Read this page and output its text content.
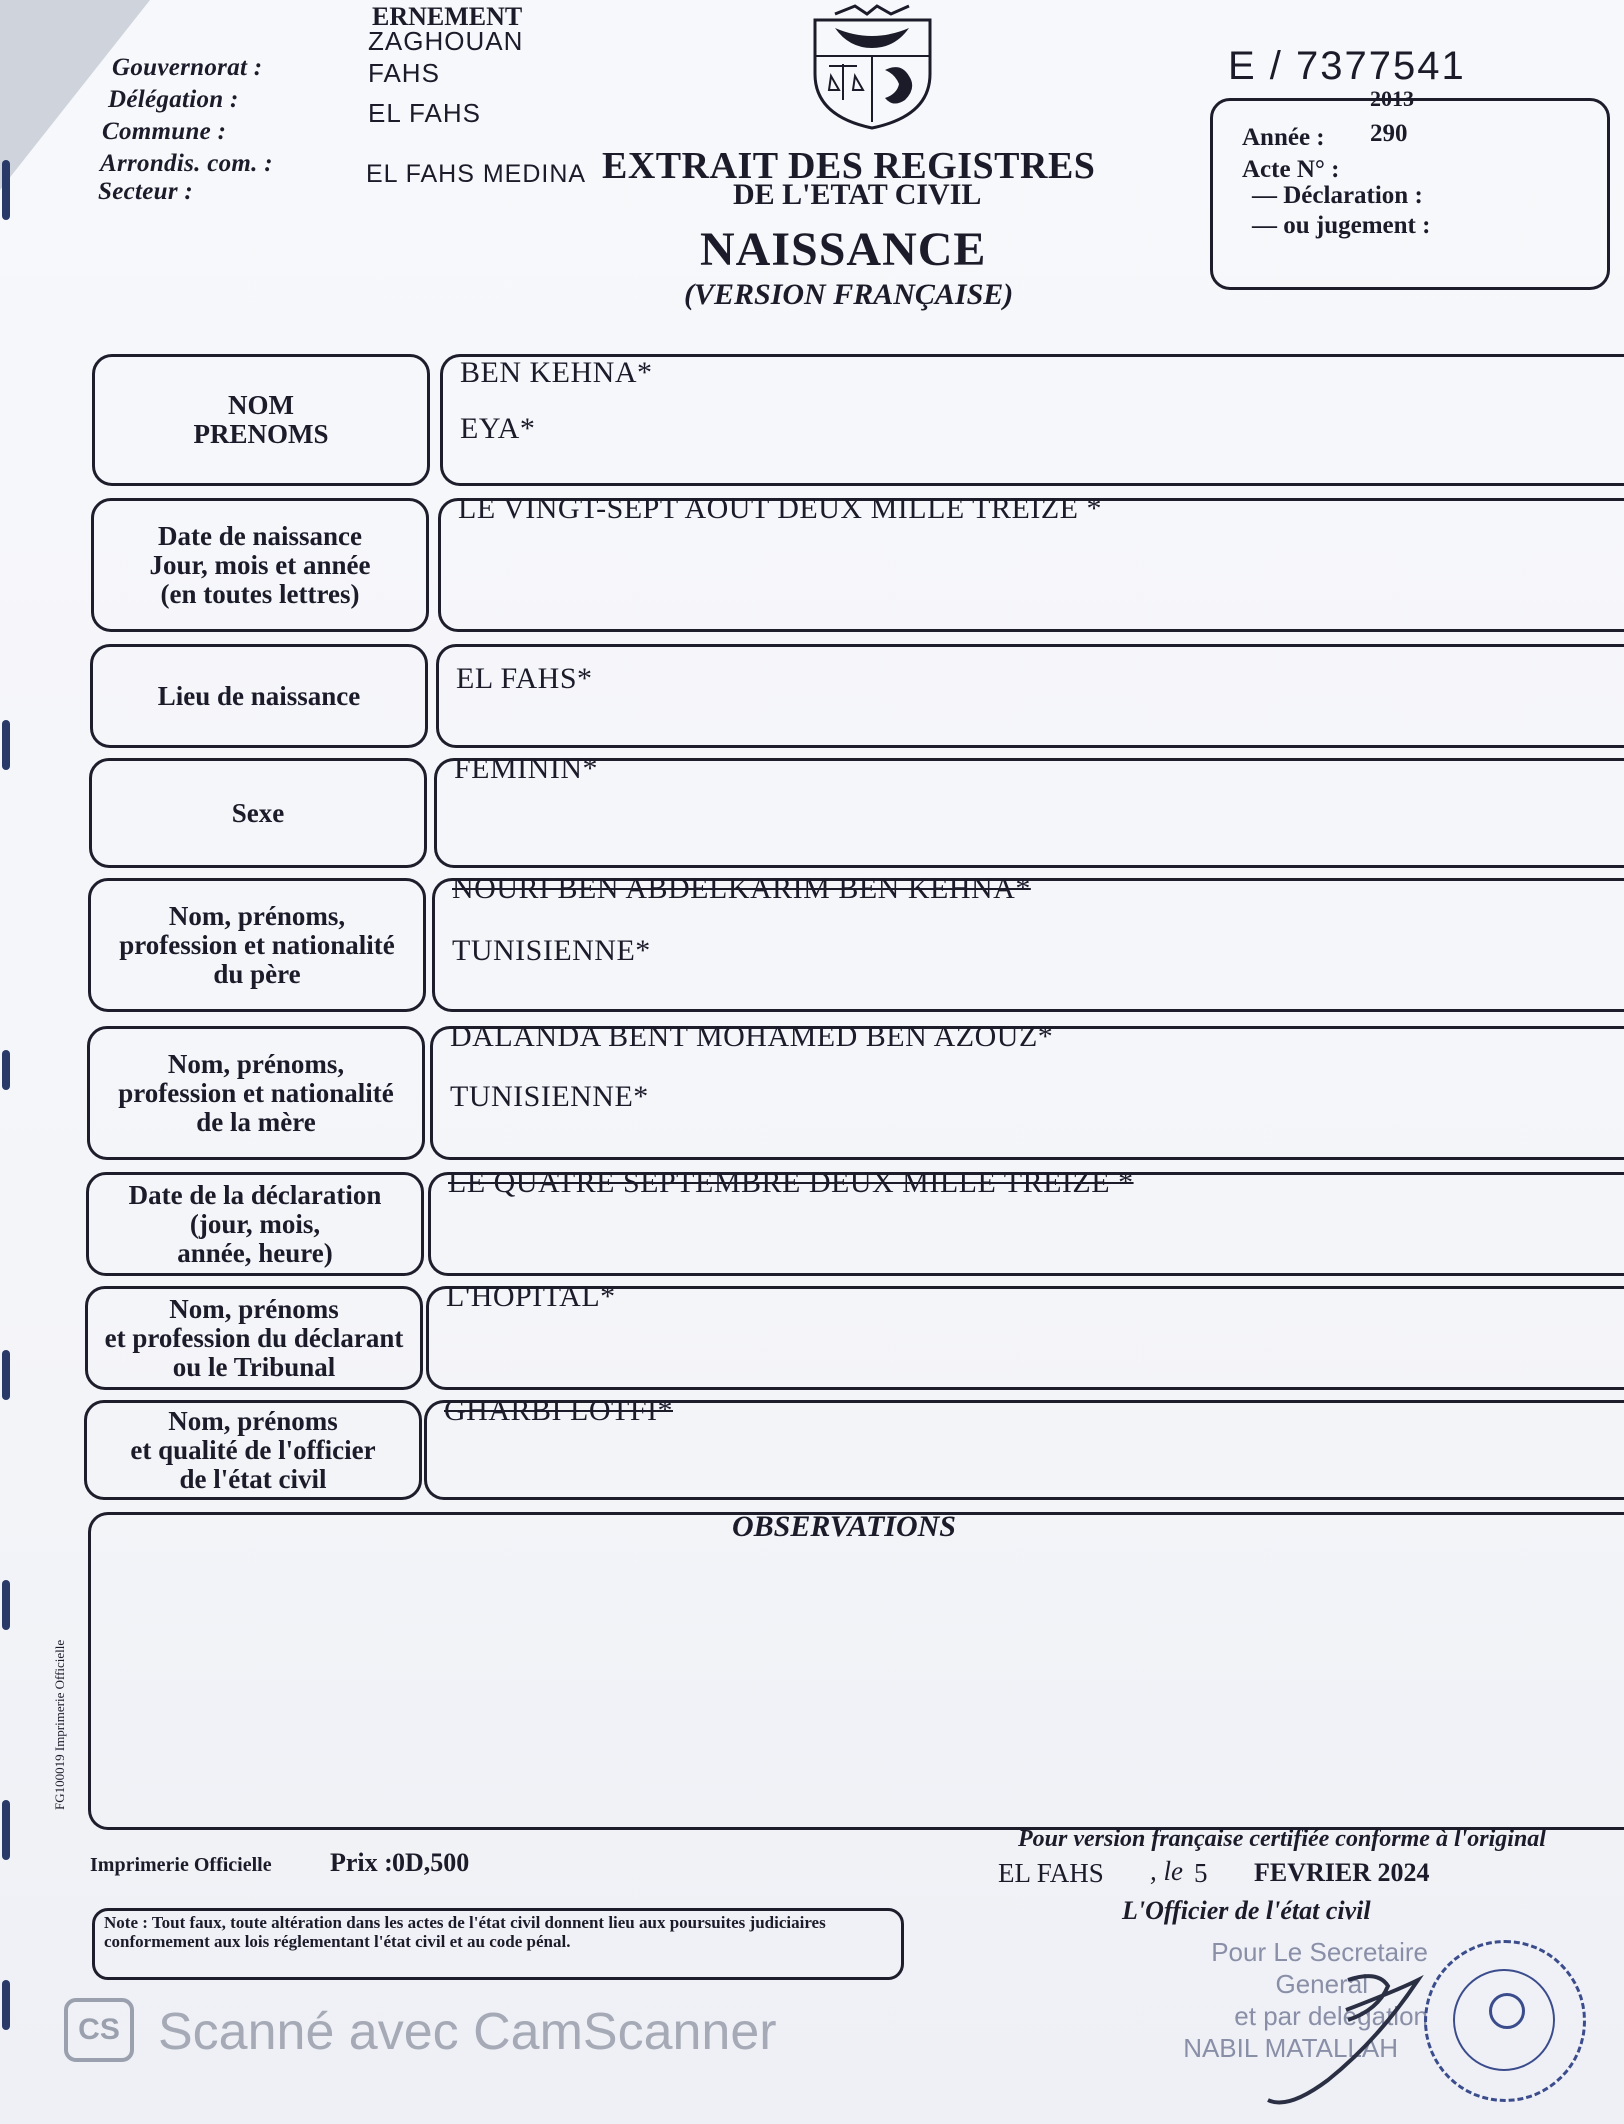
ERNEMENT
Gouvernorat :
Délégation :
Commune :
Arrondis. com. :
Secteur :
ZAGHOUAN
FAHS
EL FAHS
EL FAHS MEDINA EXTRAIT DES REGISTRES
DE L'ETAT CIVIL
NAISSANCE
(VERSION FRANÇAISE)
E / 7377541
2013
Année : 290
Acte N° :
— Déclaration :
— ou jugement :
NOM
PRENOMS
BEN KEHNA*
EYA*
Date de naissance
Jour, mois et année
(en toutes lettres)
LE VINGT-SEPT AOUT DEUX MILLE TREIZE *
Lieu de naissance
EL FAHS*
Sexe
FEMININ*
Nom, prénoms,
profession et nationalité
du père
NOURI BEN ABDELKARIM BEN KEHNA*
TUNISIENNE*
Nom, prénoms,
profession et nationalité
de la mère
DALANDA BENT MOHAMED BEN AZOUZ*
TUNISIENNE*
Date de la déclaration
(jour, mois,
année, heure)
LE QUATRE SEPTEMBRE DEUX MILLE TREIZE *
Nom, prénoms
et profession du déclarant
ou le Tribunal
L'HOPITAL*
Nom, prénoms
et qualité de l'officier
de l'état civil
GHARBI LOTFI*
OBSERVATIONS
FG100019 Imprimerie Officielle
Imprimerie Officielle Prix : 0D,500
Pour version française certifiée conforme à l'original
EL FAHS , le 5 FEVRIER 2024
L'Officier de l'état civil
Note : Tout faux, toute altération dans les actes de l'état civil donnent lieu aux poursuites judiciaires conformement aux lois réglementant l'état civil et au code pénal.	Pour Le Secretaire
General
et par delegation
NABIL MATALLAH
CS Scanné avec CamScanner
